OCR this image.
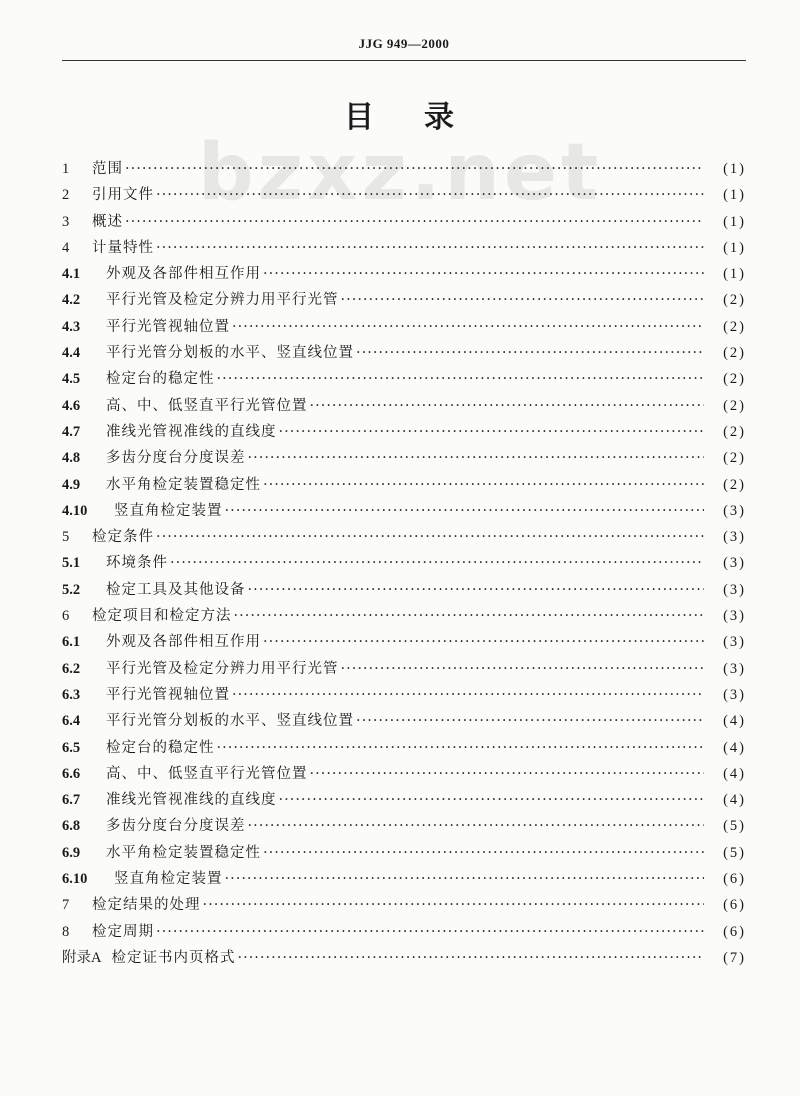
JJG 949—2000
bzxz.net
目 录
1	范围 ·····	(1)
2	引用文件 ·····	(1)
3	概述 ·····	(1)
4	计量特性 ·····	(1)
4.1	外观及各部件相互作用 ·····	(1)
4.2	平行光管及检定分辨力用平行光管 ·····	(2)
4.3	平行光管视轴位置 ·····	(2)
4.4	平行光管分划板的水平、竖直线位置 ·····	(2)
4.5	检定台的稳定性 ·····	(2)
4.6	高、中、低竖直平行光管位置 ·····	(2)
4.7	准线光管视准线的直线度 ·····	(2)
4.8	多齿分度台分度误差 ·····	(2)
4.9	水平角检定装置稳定性 ·····	(2)
4.10	竖直角检定装置 ·····	(3)
5	检定条件 ·····	(3)
5.1	环境条件 ·····	(3)
5.2	检定工具及其他设备 ·····	(3)
6	检定项目和检定方法 ·····	(3)
6.1	外观及各部件相互作用 ·····	(3)
6.2	平行光管及检定分辨力用平行光管 ·····	(3)
6.3	平行光管视轴位置 ·····	(3)
6.4	平行光管分划板的水平、竖直线位置 ·····	(4)
6.5	检定台的稳定性 ·····	(4)
6.6	高、中、低竖直平行光管位置 ·····	(4)
6.7	准线光管视准线的直线度 ·····	(4)
6.8	多齿分度台分度误差 ·····	(5)
6.9	水平角检定装置稳定性 ·····	(5)
6.10	竖直角检定装置 ·····	(6)
7	检定结果的处理 ·····	(6)
8	检定周期 ·····	(6)
附录A 检定证书内页格式 ·····	(7)
